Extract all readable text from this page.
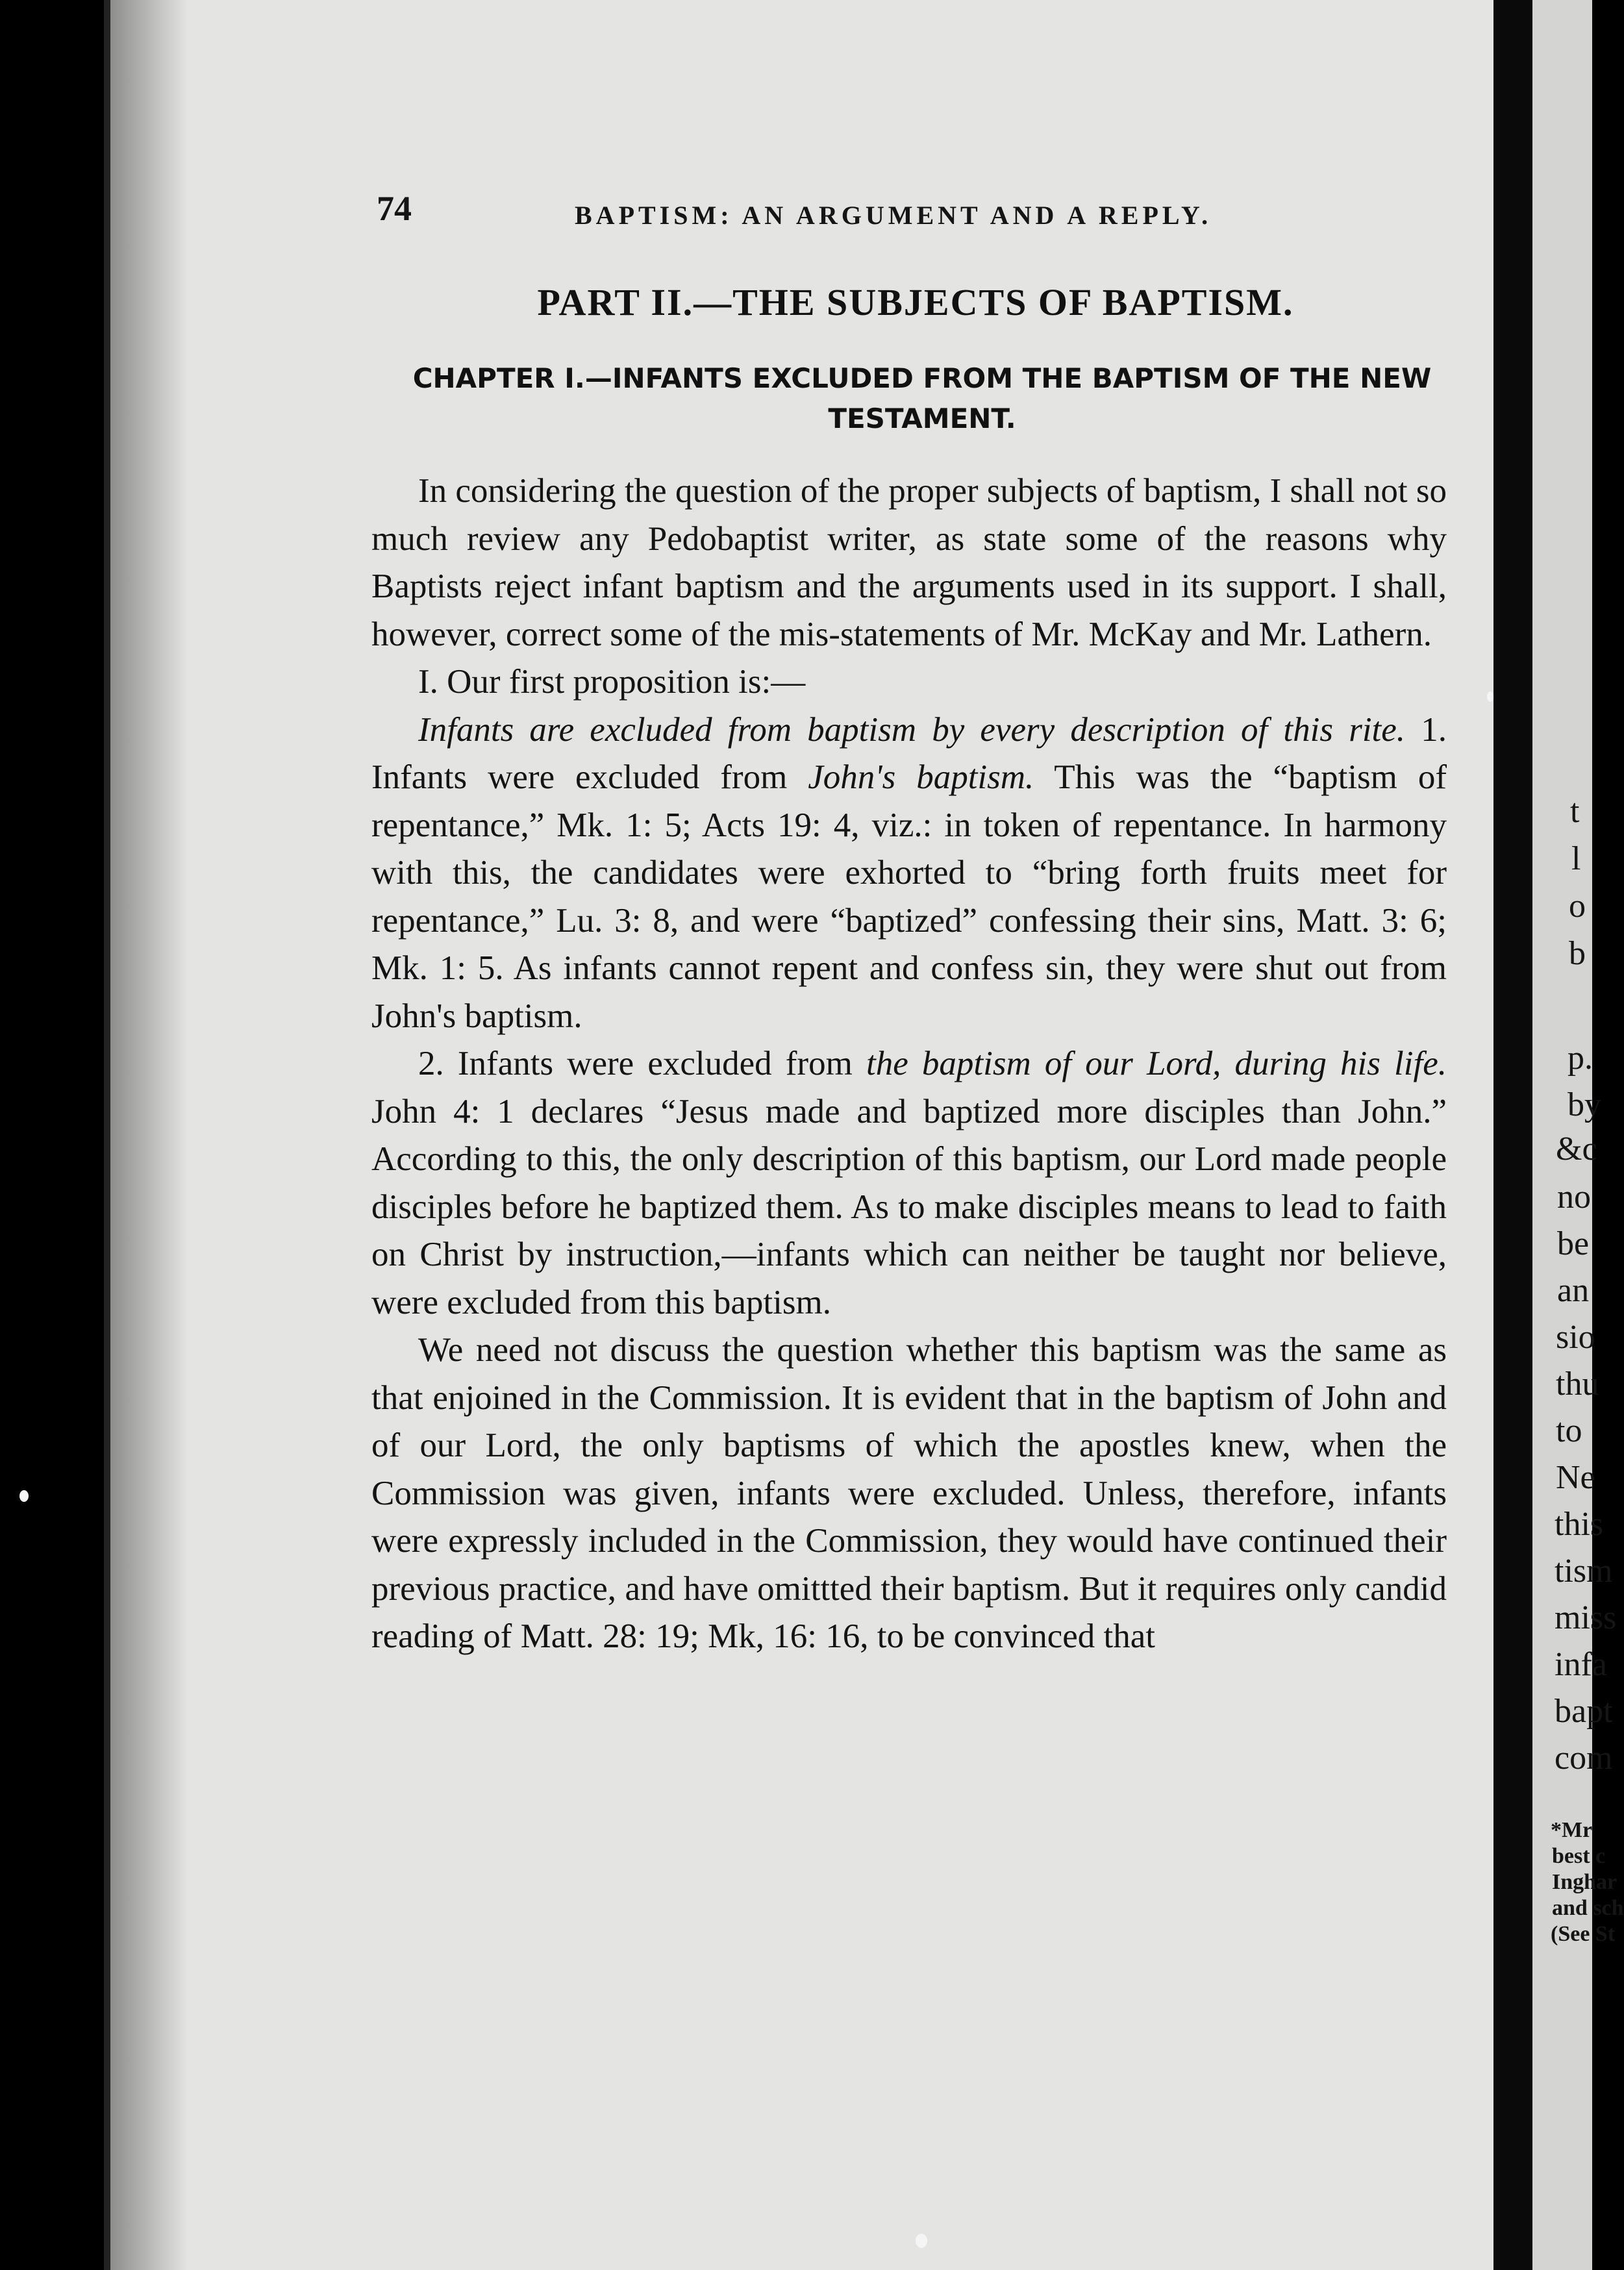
74	BAPTISM: AN ARGUMENT AND A REPLY.
PART II.—THE SUBJECTS OF BAPTISM.
CHAPTER I.—INFANTS EXCLUDED FROM THE BAPTISM OF THE NEW TESTAMENT.

In considering the question of the proper subjects of baptism, I shall not so much review any Pedobaptist writer, as state some of the reasons why Baptists reject infant baptism and the arguments used in its support. I shall, however, correct some of the mis-statements of Mr. McKay and Mr. Lathern.

I. Our first proposition is:—

Infants are excluded from baptism by every description of this rite. 1. Infants were excluded from John's baptism. This was the “baptism of repentance,” Mk. 1: 5; Acts 19: 4, viz.: in token of repentance. In harmony with this, the candidates were exhorted to “bring forth fruits meet for repentance,” Lu. 3: 8, and were “baptized” confessing their sins, Matt. 3: 6; Mk. 1: 5. As infants cannot repent and confess sin, they were shut out from John's baptism.

2. Infants were excluded from the baptism of our Lord, during his life. John 4: 1 declares “Jesus made and baptized more disciples than John.” According to this, the only description of this baptism, our Lord made people disciples before he baptized them. As to make disciples means to lead to faith on Christ by instruction,—infants which can neither be taught nor believe, were excluded from this baptism.

We need not discuss the question whether this baptism was the same as that enjoined in the Commission. It is evident that in the baptism of John and of our Lord, the only baptisms of which the apostles knew, when the Commission was given, infants were excluded. Unless, therefore, infants were expressly included in the Commission, they would have continued their previous practice, and have omittted their baptism. But it requires only candid reading of Matt. 28: 19; Mk, 16: 16, to be convinced that

t
l
o
b
p.
by
&c
no
be
an
sio
thu
to
Ne
this
tism
miss
infa
bapt
com
*Mr
best c
Inghar
and sch
(See St
